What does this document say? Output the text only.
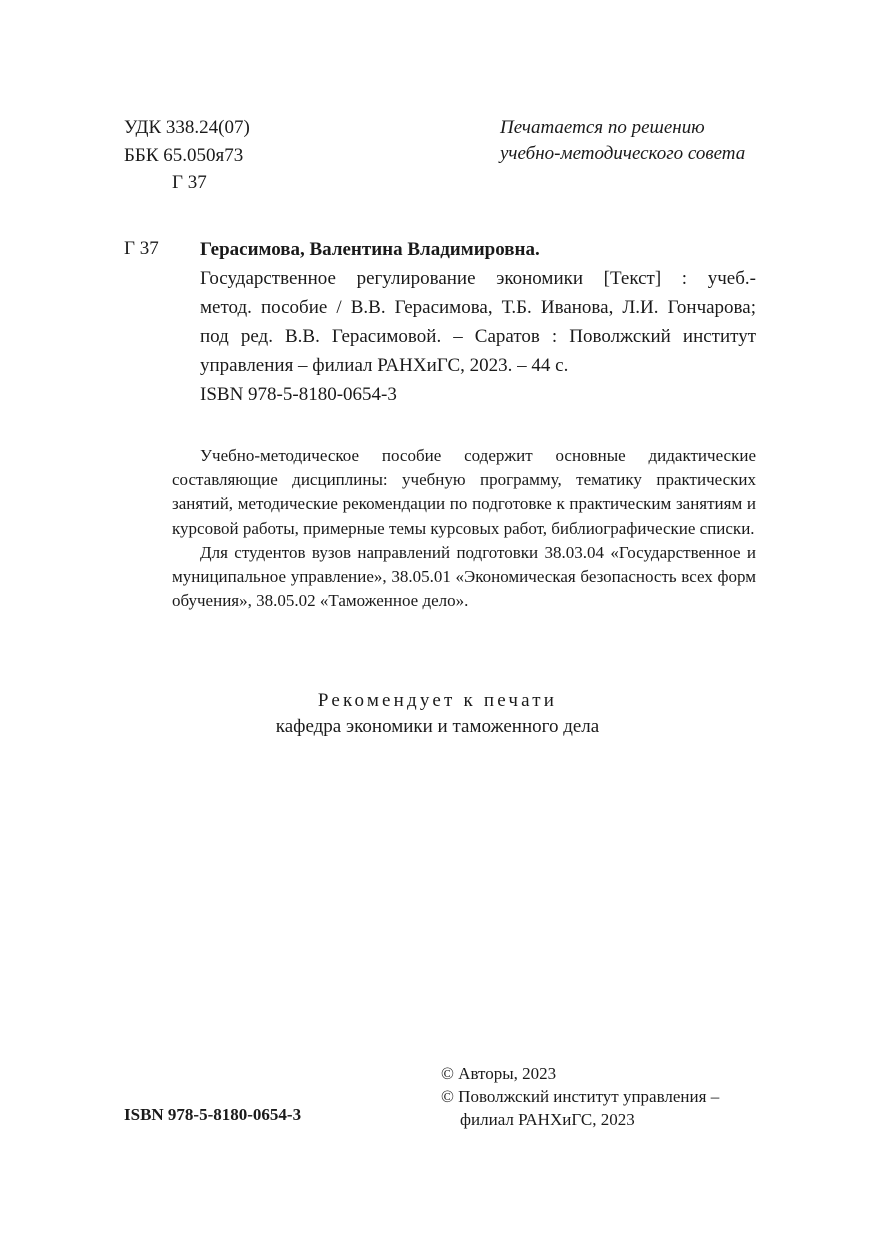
УДК 338.24(07)
ББК 65.050я73
Г 37
Печатается по решению
учебно-методического совета
Г 37 Герасимова, Валентина Владимировна.
Государственное регулирование экономики [Текст] : учеб.-
метод. пособие / В.В. Герасимова, Т.Б. Иванова, Л.И. Гончарова;
под ред. В.В. Герасимовой. – Саратов : Поволжский институт
управления – филиал РАНХиГС, 2023. – 44 с.
ISBN 978-5-8180-0654-3

Учебно-методическое пособие содержит основные дидактические составляющие дисциплины: учебную программу, тематику практических занятий, методические рекомендации по подготовке к практическим занятиям и курсовой работы, примерные темы курсовых работ, библиографические списки.

Для студентов вузов направлений подготовки 38.03.04 «Государственное и муниципальное управление», 38.05.01 «Экономическая безопасность всех форм обучения», 38.05.02 «Таможенное дело».

Рекомендует к печати
кафедра экономики и таможенного дела
© Авторы, 2023
© Поволжский институт управления –
филиал РАНХиГС, 2023
ISBN 978-5-8180-0654-3
